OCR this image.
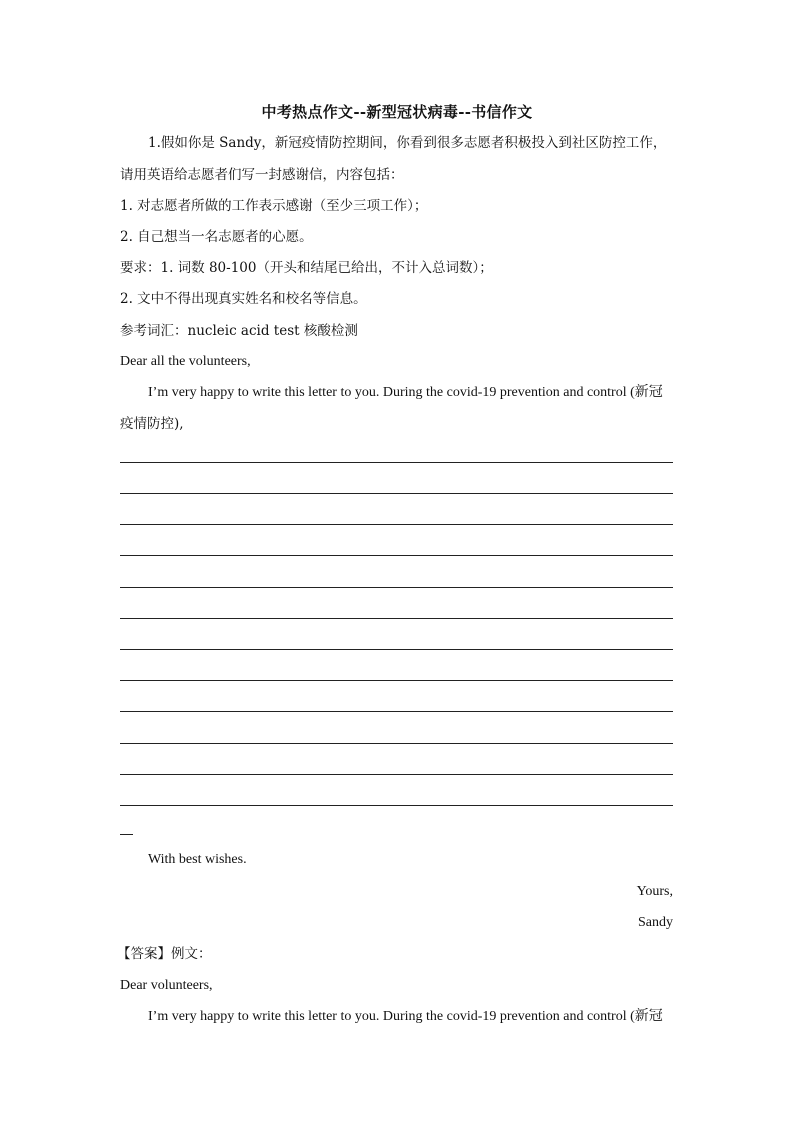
中考热点作文--新型冠状病毒--书信作文
1.假如你是 Sandy，新冠疫情防控期间，你看到很多志愿者积极投入到社区防控工作，
请用英语给志愿者们写一封感谢信，内容包括：
1. 对志愿者所做的工作表示感谢（至少三项工作）；
2. 自己想当一名志愿者的心愿。
要求：1. 词数 80-100（开头和结尾已给出，不计入总词数）；
2. 文中不得出现真实姓名和校名等信息。
参考词汇：nucleic acid test 核酸检测
Dear all the volunteers,
I’m very happy to write this letter to you. During the covid-19 prevention and control (新冠
疫情防控),
With best wishes.
Yours,
Sandy
【答案】例文：
Dear volunteers,
I’m very happy to write this letter to you. During the covid-19 prevention and control (新冠
